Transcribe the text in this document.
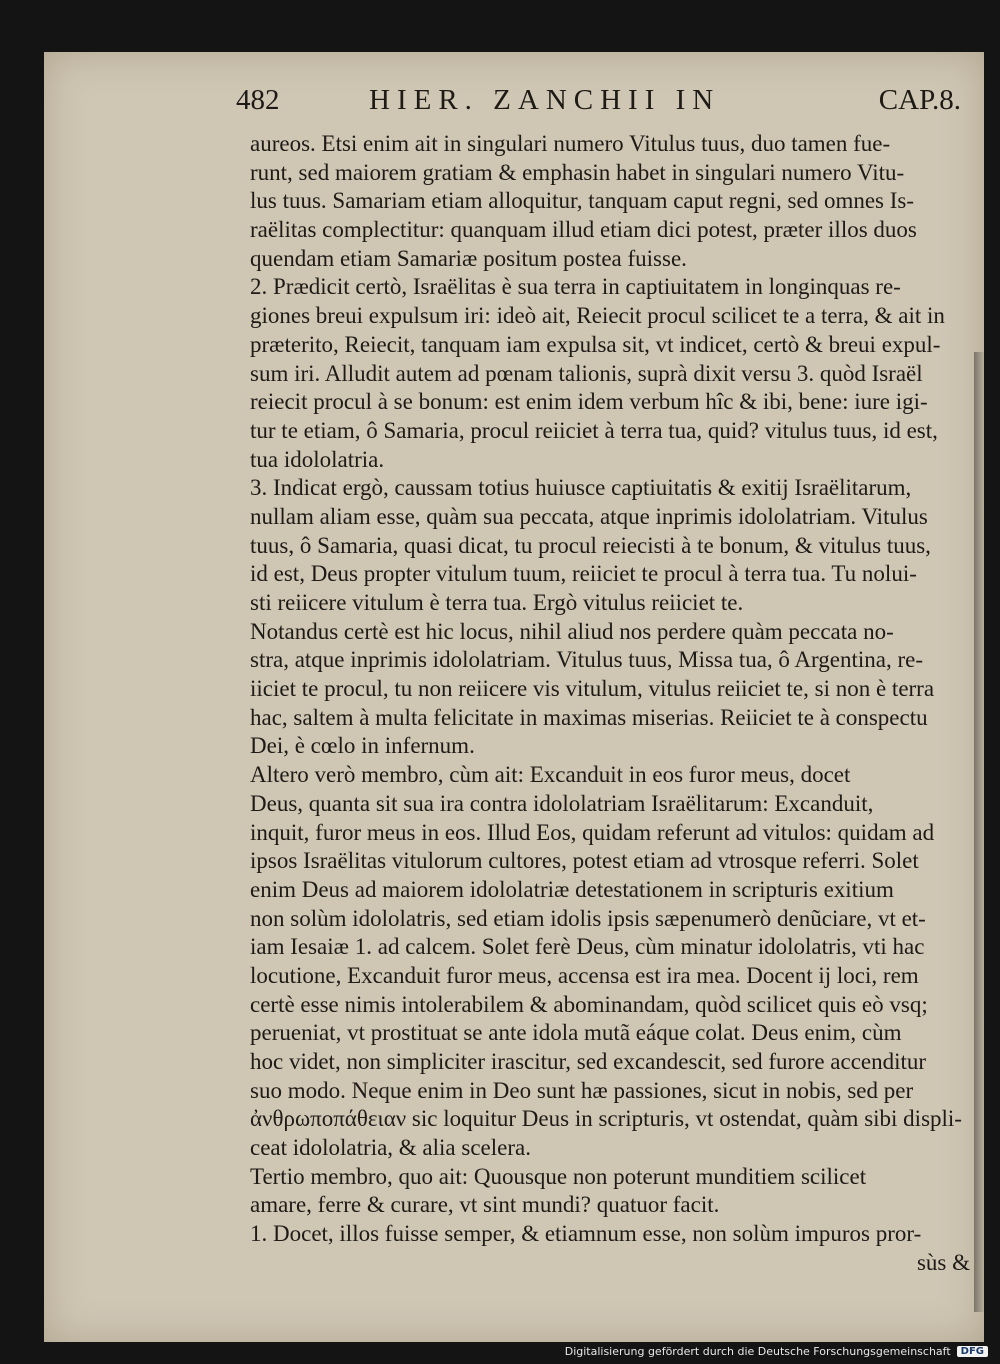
482	HIER. ZANCHII IN	CAP.8.
aureos. Etsi enim ait in singulari numero Vitulus tuus, duo tamen fue-
runt, sed maiorem gratiam & emphasin habet in singulari numero Vitu-
lus tuus. Samariam etiam alloquitur, tanquam caput regni, sed omnes Is-
raëlitas complectitur: quanquam illud etiam dici potest, præter illos duos
quendam etiam Samariæ positum postea fuisse.
2. Prædicit certò, Israëlitas è sua terra in captiuitatem in longinquas re-
giones breui expulsum iri: ideò ait, Reiecit procul scilicet te a terra, & ait in
præterito, Reiecit, tanquam iam expulsa sit, vt indicet, certò & breui expul-
sum iri. Alludit autem ad pœnam talionis, suprà dixit versu 3. quòd Israël
reiecit procul à se bonum: est enim idem verbum hîc & ibi, bene: iure igi-
tur te etiam, ô Samaria, procul reiiciet à terra tua, quid? vitulus tuus, id est,
tua idololatria.
3. Indicat ergò, caussam totius huiusce captiuitatis & exitij Israëlitarum,
nullam aliam esse, quàm sua peccata, atque inprimis idololatriam. Vitulus
tuus, ô Samaria, quasi dicat, tu procul reiecisti à te bonum, & vitulus tuus,
id est, Deus propter vitulum tuum, reiiciet te procul à terra tua. Tu nolui-
sti reiicere vitulum è terra tua. Ergò vitulus reiiciet te.
Notandus certè est hic locus, nihil aliud nos perdere quàm peccata no-
stra, atque inprimis idololatriam. Vitulus tuus, Missa tua, ô Argentina, re-
iiciet te procul, tu non reiicere vis vitulum, vitulus reiiciet te, si non è terra
hac, saltem à multa felicitate in maximas miserias. Reiiciet te à conspectu
Dei, è cœlo in infernum.
Altero verò membro, cùm ait: Excanduit in eos furor meus, docet
Deus, quanta sit sua ira contra idololatriam Israëlitarum: Excanduit,
inquit, furor meus in eos. Illud Eos, quidam referunt ad vitulos: quidam ad
ipsos Israëlitas vitulorum cultores, potest etiam ad vtrosque referri. Solet
enim Deus ad maiorem idololatriæ detestationem in scripturis exitium
non solùm idololatris, sed etiam idolis ipsis sæpenumerò denũciare, vt et-
iam Iesaiæ 1. ad calcem. Solet ferè Deus, cùm minatur idololatris, vti hac
locutione, Excanduit furor meus, accensa est ira mea. Docent ij loci, rem
certè esse nimis intolerabilem & abominandam, quòd scilicet quis eò vsq;
perueniat, vt prostituat se ante idola mutã eáque colat. Deus enim, cùm
hoc videt, non simpliciter irascitur, sed excandescit, sed furore accenditur
suo modo. Neque enim in Deo sunt hæ passiones, sicut in nobis, sed per
ἀνθρωποπάθειαν sic loquitur Deus in scripturis, vt ostendat, quàm sibi displi-
ceat idololatria, & alia scelera.
Tertio membro, quo ait: Quousque non poterunt munditiem scilicet
amare, ferre & curare, vt sint mundi? quatuor facit.
1. Docet, illos fuisse semper, & etiamnum esse, non solùm impuros pror-
sùs &
Digitalisierung gefördert durch die Deutsche Forschungsgemeinschaft	DFG
